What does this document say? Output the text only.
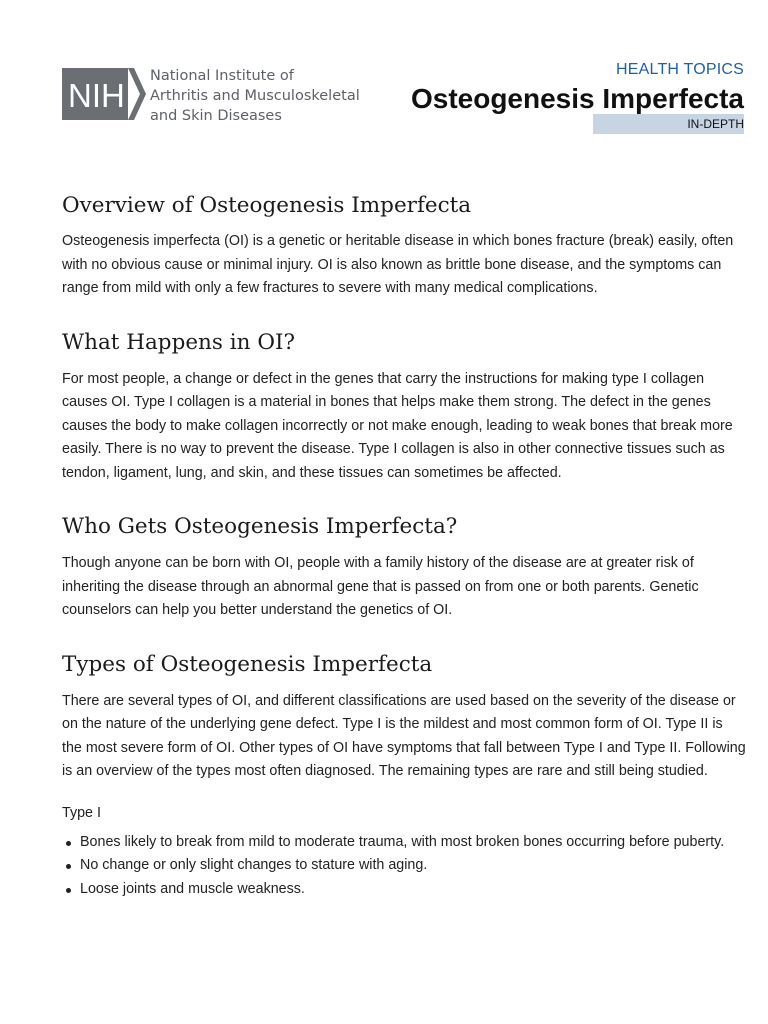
NIH
National Institute of
Arthritis and Musculoskeletal
and Skin Diseases
HEALTH TOPICS
Osteogenesis Imperfecta
IN-DEPTH
Overview of Osteogenesis Imperfecta

Osteogenesis imperfecta (OI) is a genetic or heritable disease in which bones fracture (break) easily, often with no obvious cause or minimal injury. OI is also known as brittle bone disease, and the symptoms can range from mild with only a few fractures to severe with many medical complications.

What Happens in OI?

For most people, a change or defect in the genes that carry the instructions for making type I collagen causes OI. Type I collagen is a material in bones that helps make them strong. The defect in the genes causes the body to make collagen incorrectly or not make enough, leading to weak bones that break more easily. There is no way to prevent the disease. Type I collagen is also in other connective tissues such as tendon, ligament, lung, and skin, and these tissues can sometimes be affected.

Who Gets Osteogenesis Imperfecta?

Though anyone can be born with OI, people with a family history of the disease are at greater risk of inheriting the disease through an abnormal gene that is passed on from one or both parents. Genetic counselors can help you better understand the genetics of OI.

Types of Osteogenesis Imperfecta

There are several types of OI, and different classifications are used based on the severity of the disease or on the nature of the underlying gene defect. Type I is the mildest and most common form of OI. Type II is the most severe form of OI. Other types of OI have symptoms that fall between Type I and Type II. Following is an overview of the types most often diagnosed. The remaining types are rare and still being studied.

Type I
Bones likely to break from mild to moderate trauma, with most broken bones occurring before puberty.
No change or only slight changes to stature with aging.
Loose joints and muscle weakness.
